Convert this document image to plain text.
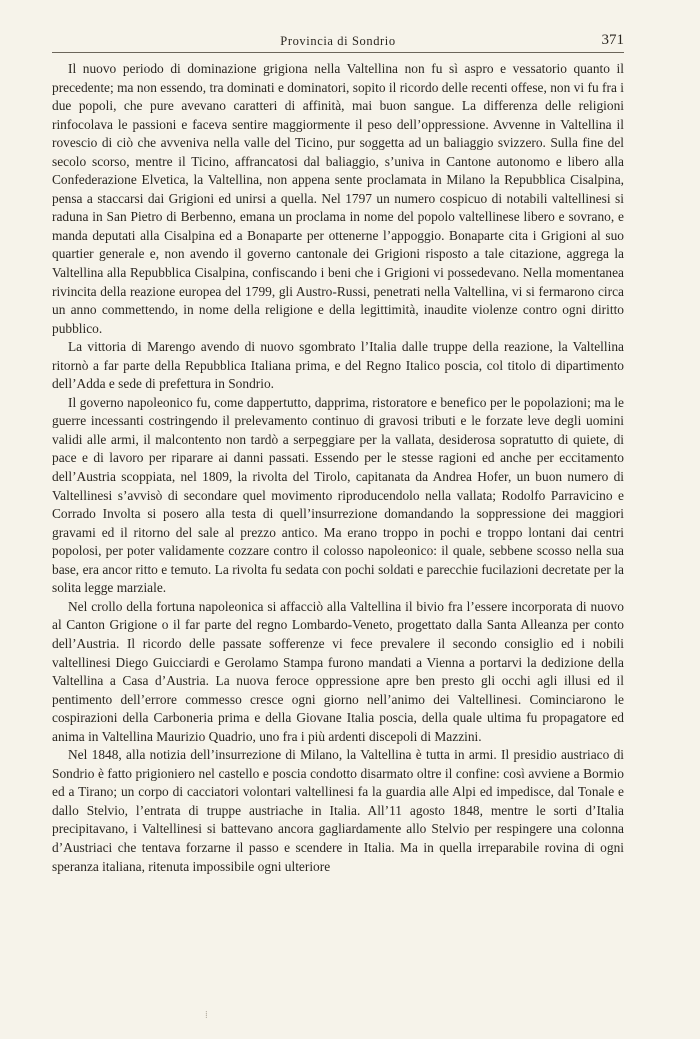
Provincia di Sondrio	371

Il nuovo periodo di dominazione grigiona nella Valtellina non fu sì aspro e vessatorio quanto il precedente; ma non essendo, tra dominati e dominatori, sopito il ricordo delle recenti offese, non vi fu fra i due popoli, che pure avevano caratteri di affinità, mai buon sangue. La differenza delle religioni rinfocolava le passioni e faceva sentire maggiormente il peso dell’oppressione. Avvenne in Valtellina il rovescio di ciò che avveniva nella valle del Ticino, pur soggetta ad un baliaggio svizzero. Sulla fine del secolo scorso, mentre il Ticino, affrancatosi dal baliaggio, s’univa in Cantone autonomo e libero alla Confederazione Elvetica, la Valtellina, non appena sente proclamata in Milano la Repubblica Cisalpina, pensa a staccarsi dai Grigioni ed unirsi a quella. Nel 1797 un numero cospicuo di notabili valtellinesi si raduna in San Pietro di Berbenno, emana un proclama in nome del popolo valtellinese libero e sovrano, e manda deputati alla Cisalpina ed a Bonaparte per ottenerne l’appoggio. Bonaparte cita i Grigioni al suo quartier generale e, non avendo il governo cantonale dei Grigioni risposto a tale citazione, aggrega la Valtellina alla Repubblica Cisalpina, confiscando i beni che i Grigioni vi possedevano. Nella momentanea rivincita della reazione europea del 1799, gli Austro-Russi, penetrati nella Valtellina, vi si fermarono circa un anno commettendo, in nome della religione e della legittimità, inaudite violenze contro ogni diritto pubblico.

La vittoria di Marengo avendo di nuovo sgombrato l’Italia dalle truppe della reazione, la Valtellina ritornò a far parte della Repubblica Italiana prima, e del Regno Italico poscia, col titolo di dipartimento dell’Adda e sede di prefettura in Sondrio.

Il governo napoleonico fu, come dappertutto, dapprima, ristoratore e benefico per le popolazioni; ma le guerre incessanti costringendo il prelevamento continuo di gravosi tributi e le forzate leve degli uomini validi alle armi, il malcontento non tardò a serpeggiare per la vallata, desiderosa sopratutto di quiete, di pace e di lavoro per riparare ai danni passati. Essendo per le stesse ragioni ed anche per eccitamento dell’Austria scoppiata, nel 1809, la rivolta del Tirolo, capitanata da Andrea Hofer, un buon numero di Valtellinesi s’avvisò di secondare quel movimento riproducendolo nella vallata; Rodolfo Parravicino e Corrado Involta si posero alla testa di quell’insurrezione domandando la soppressione dei maggiori gravami ed il ritorno del sale al prezzo antico. Ma erano troppo in pochi e troppo lontani dai centri popolosi, per poter validamente cozzare contro il colosso napoleonico: il quale, sebbene scosso nella sua base, era ancor ritto e temuto. La rivolta fu sedata con pochi soldati e parecchie fucilazioni decretate per la solita legge marziale.

Nel crollo della fortuna napoleonica si affacciò alla Valtellina il bivio fra l’essere incorporata di nuovo al Canton Grigione o il far parte del regno Lombardo-Veneto, progettato dalla Santa Alleanza per conto dell’Austria. Il ricordo delle passate sofferenze vi fece prevalere il secondo consiglio ed i nobili valtellinesi Diego Guicciardi e Gerolamo Stampa furono mandati a Vienna a portarvi la dedizione della Valtellina a Casa d’Austria. La nuova feroce oppressione apre ben presto gli occhi agli illusi ed il pentimento dell’errore commesso cresce ogni giorno nell’animo dei Valtellinesi. Cominciarono le cospirazioni della Carboneria prima e della Giovane Italia poscia, della quale ultima fu propagatore ed anima in Valtellina Maurizio Quadrio, uno fra i più ardenti discepoli di Mazzini.

Nel 1848, alla notizia dell’insurrezione di Milano, la Valtellina è tutta in armi. Il presidio austriaco di Sondrio è fatto prigioniero nel castello e poscia condotto disarmato oltre il confine: così avviene a Bormio ed a Tirano; un corpo di cacciatori volontari valtellinesi fa la guardia alle Alpi ed impedisce, dal Tonale e dallo Stelvio, l’entrata di truppe austriache in Italia. All’11 agosto 1848, mentre le sorti d’Italia precipitavano, i Valtellinesi si battevano ancora gagliardamente allo Stelvio per respingere una colonna d’Austriaci che tentava forzarne il passo e scendere in Italia. Ma in quella irreparabile rovina di ogni speranza italiana, ritenuta impossibile ogni ulteriore

⁞
